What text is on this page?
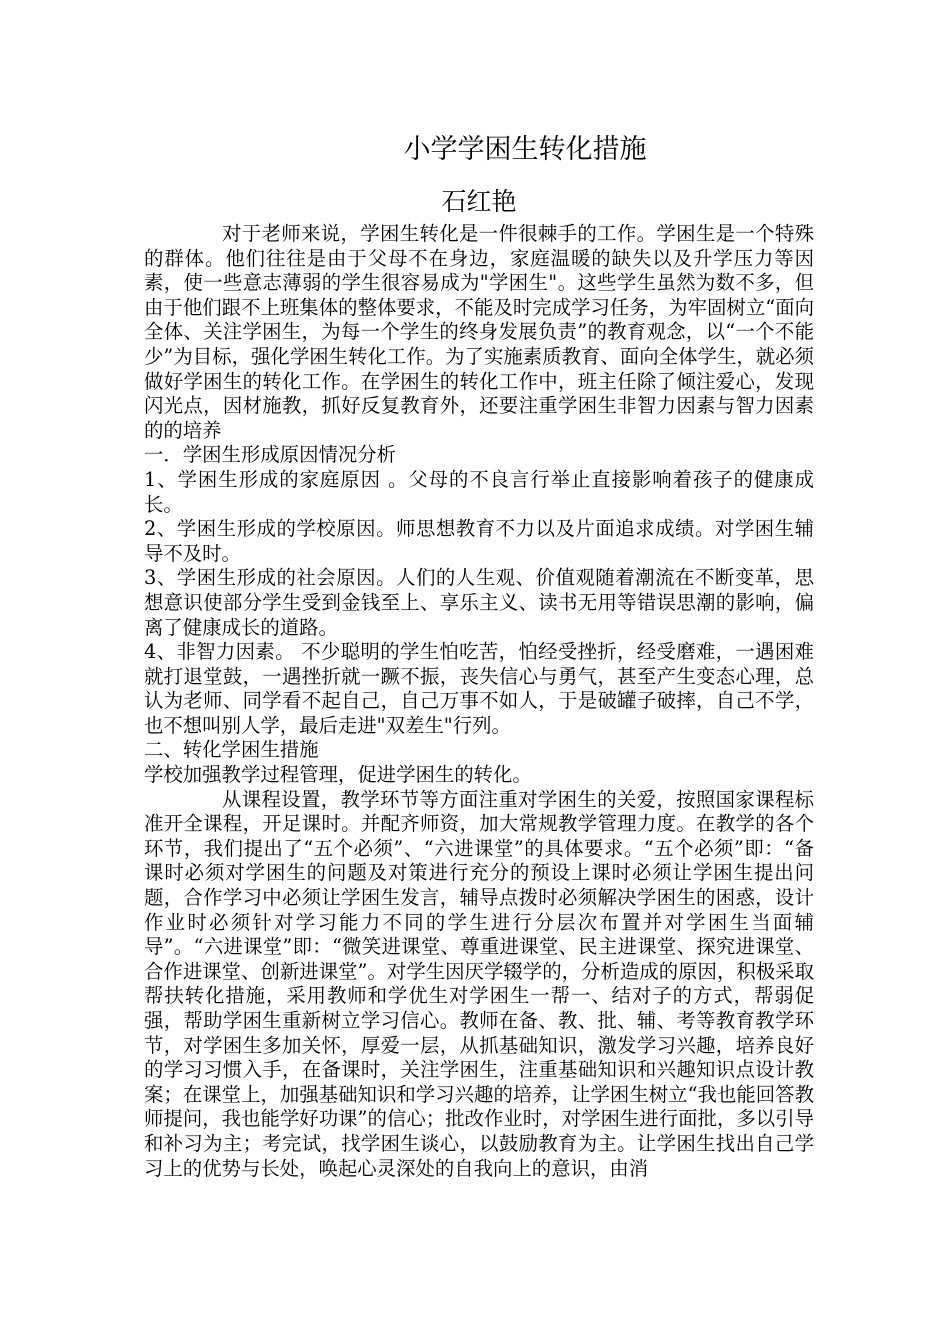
小学学困生转化措施
石红艳

对于老师来说，学困生转化是一件很棘手的工作。学困生是一个特殊的群体。他们往往是由于父母不在身边，家庭温暖的缺失以及升学压力等因素，使一些意志薄弱的学生很容易成为"学困生"。这些学生虽然为数不多，但由于他们跟不上班集体的整体要求，不能及时完成学习任务，为牢固树立“面向全体、关注学困生，为每一个学生的终身发展负责”的教育观念，以“一个不能少”为目标，强化学困生转化工作。为了实施素质教育、面向全体学生，就必须做好学困生的转化工作。在学困生的转化工作中，班主任除了倾注爱心，发现闪光点，因材施教，抓好反复教育外，还要注重学困生非智力因素与智力因素的的培养

一．学困生形成原因情况分析

1、学困生形成的家庭原因 。父母的不良言行举止直接影响着孩子的健康成长。

2、学困生形成的学校原因。师思想教育不力以及片面追求成绩。对学困生辅导不及时。

3、学困生形成的社会原因。人们的人生观、价值观随着潮流在不断变革，思想意识使部分学生受到金钱至上、享乐主义、读书无用等错误思潮的影响，偏离了健康成长的道路。

4、非智力因素。 不少聪明的学生怕吃苦，怕经受挫折，经受磨难，一遇困难就打退堂鼓，一遇挫折就一蹶不振，丧失信心与勇气，甚至产生变态心理，总认为老师、同学看不起自己，自己万事不如人，于是破罐子破摔，自己不学，也不想叫别人学，最后走进"双差生"行列。

二、转化学困生措施

学校加强教学过程管理，促进学困生的转化。

从课程设置，教学环节等方面注重对学困生的关爱，按照国家课程标准开全课程，开足课时。并配齐师资，加大常规教学管理力度。在教学的各个环节，我们提出了“五个必须”、“六进课堂”的具体要求。“五个必须”即：“备课时必须对学困生的问题及对策进行充分的预设上课时必须让学困生提出问题，合作学习中必须让学困生发言，辅导点拨时必须解决学困生的困惑，设计作业时必须针对学习能力不同的学生进行分层次布置并对学困生当面辅导”。“六进课堂”即：“微笑进课堂、尊重进课堂、民主进课堂、探究进课堂、合作进课堂、创新进课堂”。对学生因厌学辍学的，分析造成的原因，积极采取帮扶转化措施，采用教师和学优生对学困生一帮一、结对子的方式，帮弱促强，帮助学困生重新树立学习信心。教师在备、教、批、辅、考等教育教学环节，对学困生多加关怀，厚爱一层，从抓基础知识，激发学习兴趣，培养良好的学习习惯入手，在备课时，关注学困生，注重基础知识和兴趣知识点设计教案；在课堂上，加强基础知识和学习兴趣的培养，让学困生树立“我也能回答教师提问，我也能学好功课”的信心；批改作业时，对学困生进行面批，多以引导和补习为主；考完试，找学困生谈心，以鼓励教育为主。让学困生找出自己学习上的优势与长处，唤起心灵深处的自我向上的意识，由消
